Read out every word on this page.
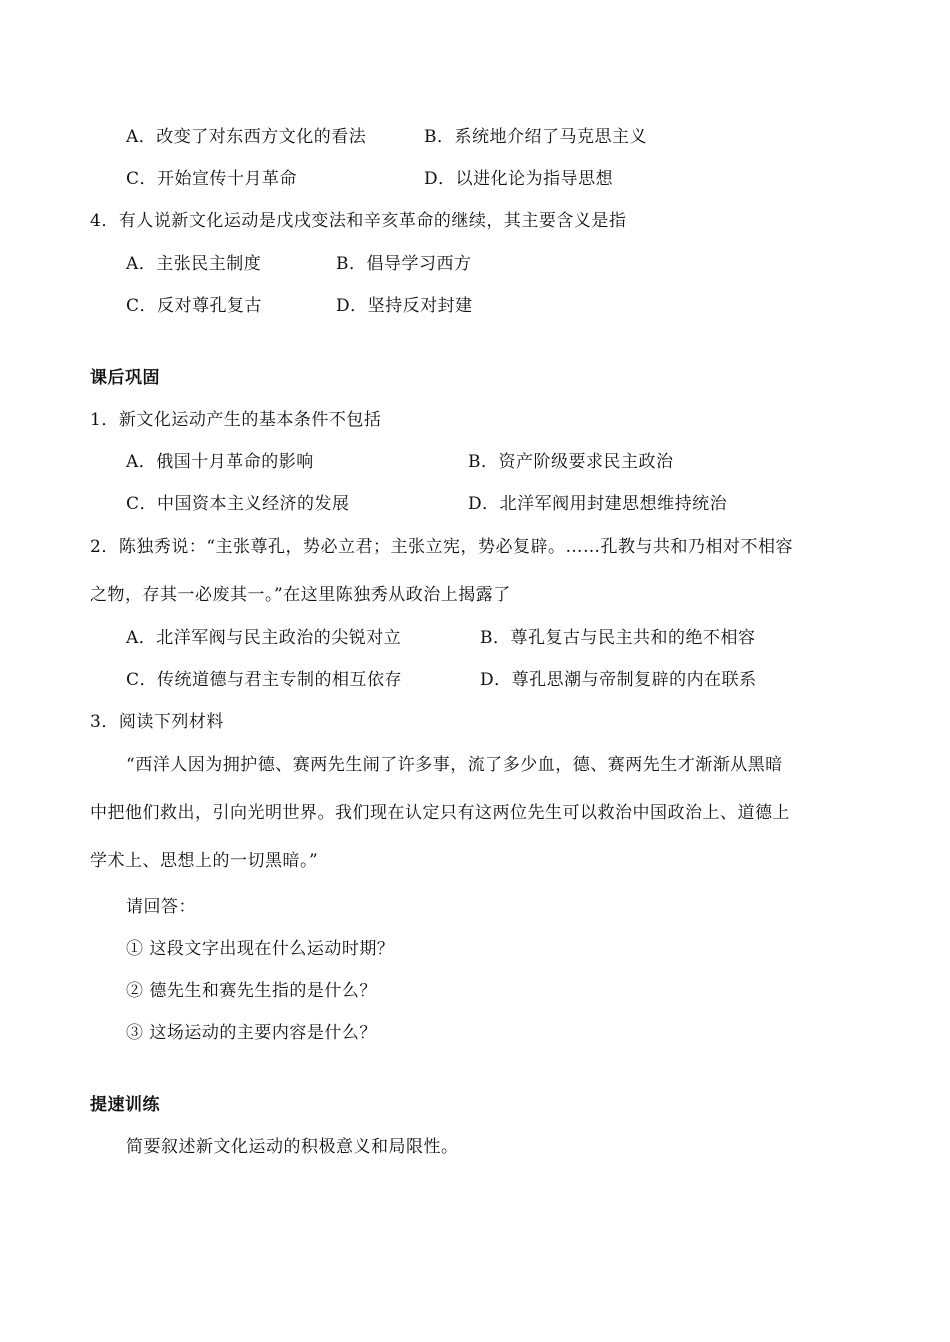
A．改变了对东西方文化的看法	B．系统地介绍了马克思主义
C．开始宣传十月革命	D．以进化论为指导思想
4．有人说新文化运动是戊戌变法和辛亥革命的继续，其主要含义是指
A．主张民主制度	B．倡导学习西方
C．反对尊孔复古	D．坚持反对封建
课后巩固
1．新文化运动产生的基本条件不包括
A．俄国十月革命的影响	B．资产阶级要求民主政治
C．中国资本主义经济的发展	D．北洋军阀用封建思想维持统治
2．陈独秀说：“主张尊孔，势必立君；主张立宪，势必复辟。……孔教与共和乃相对不相容
之物，存其一必废其一。”在这里陈独秀从政治上揭露了
A．北洋军阀与民主政治的尖锐对立	B．尊孔复古与民主共和的绝不相容
C．传统道德与君主专制的相互依存	D．尊孔思潮与帝制复辟的内在联系
3．阅读下列材料
“西洋人因为拥护德、赛两先生闹了许多事，流了多少血，德、赛两先生才渐渐从黑暗
中把他们救出，引向光明世界。我们现在认定只有这两位先生可以救治中国政治上、道德上
学术上、思想上的一切黑暗。”
请回答：
① 这段文字出现在什么运动时期？
② 德先生和赛先生指的是什么？
③ 这场运动的主要内容是什么？
提速训练
简要叙述新文化运动的积极意义和局限性。
